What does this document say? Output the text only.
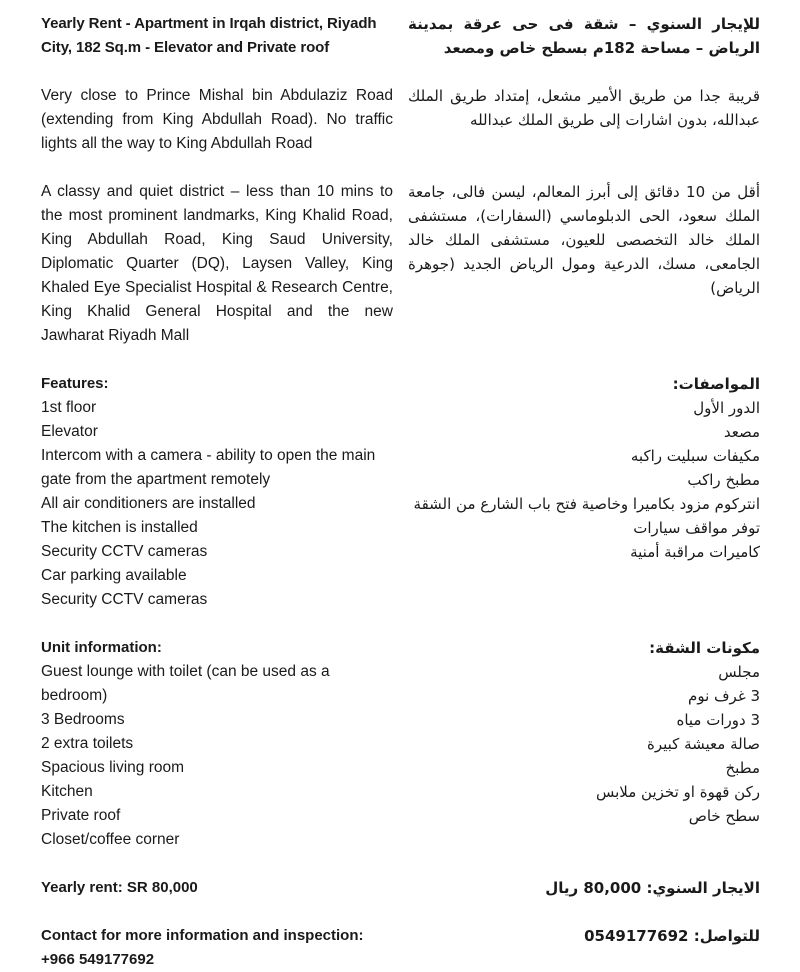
Yearly Rent - Apartment in Irqah district, Riyadh City, 182 Sq.m - Elevator and Private roof
للإيجار السنوي – شقة فى حى عرقة بمدينة الرياض – مساحة 182م بسطح خاص ومصعد
Very close to Prince Mishal bin Abdulaziz Road (extending from King Abdullah Road). No traffic lights all the way to King Abdullah Road
قريبة جدا من طريق الأمير مشعل، إمتداد طريق الملك عبدالله، بدون اشارات إلى طريق الملك عبدالله
A classy and quiet district – less than 10 mins to the most prominent landmarks, King Khalid Road, King Abdullah Road, King Saud University, Diplomatic Quarter (DQ), Laysen Valley, King Khaled Eye Specialist Hospital & Research Centre, King Khalid General Hospital and the new Jawharat Riyadh Mall
أقل من 10 دقائق إلى أبرز المعالم، ليسن فالى، جامعة الملك سعود، الحى الدبلوماسي (السفارات)، مستشفى الملك خالد التخصصى للعيون، مستشفى الملك خالد الجامعى، مسك، الدرعية ومول الرياض الجديد (جوهرة الرياض)
Features:
1st floor
Elevator
Intercom with a camera - ability to open the main gate from the apartment remotely
All air conditioners are installed
The kitchen is installed
Security CCTV cameras
Car parking available
Security CCTV cameras
المواصفات:
الدور الأول
مصعد
مكيفات سبليت راكبه
مطبخ راكب
انتركوم مزود بكاميرا وخاصية فتح باب الشارع من الشقة
توفر مواقف سيارات
كاميرات مراقبة أمنية
Unit information:
Guest lounge with toilet (can be used as a bedroom)
3 Bedrooms
2 extra toilets
Spacious living room
Kitchen
Private roof
Closet/coffee corner
مكونات الشقة:
مجلس
3 غرف نوم
3 دورات مياه
صالة معيشة كبيرة
مطبخ
ركن قهوة او تخزين ملابس
سطح خاص
Yearly rent: SR 80,000	الايجار السنوي: 80,000 ريال
Contact for more information and inspection:
+966 549177692
للتواصل: 0549177692
